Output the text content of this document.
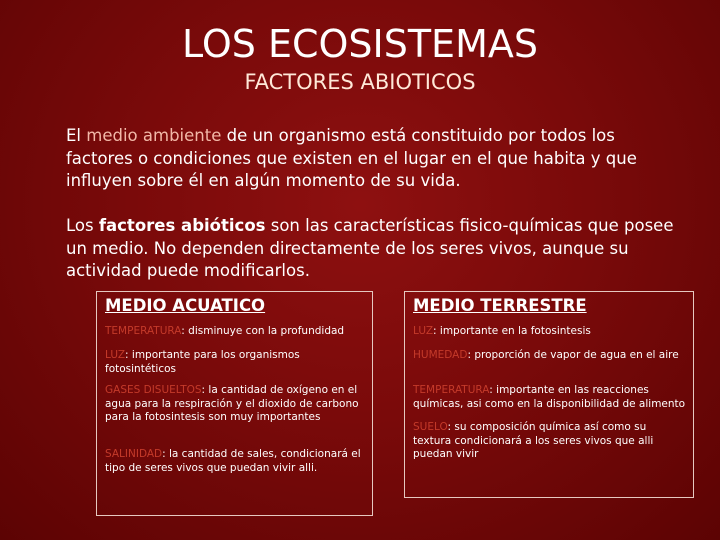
LOS ECOSISTEMAS
FACTORES ABIOTICOS
El medio ambiente de un organismo está constituido por todos los factores o condiciones que existen en el lugar en el que habita y que influyen sobre él en algún momento de su vida.
Los factores abióticos son las características fisico-químicas que posee un medio. No dependen directamente de los seres vivos, aunque su actividad puede modificarlos.
MEDIO ACUATICO
TEMPERATURA: disminuye con la profundidad
LUZ: importante para los organismos fotosintéticos
GASES DISUELTOS: la cantidad de oxígeno en el agua para la respiración y el dioxido de carbono para la fotosintesis son muy importantes
SALINIDAD: la cantidad de sales, condicionará el tipo de seres vivos que puedan vivir alli.
MEDIO TERRESTRE
LUZ: importante en la fotosintesis
HUMEDAD: proporción de vapor de agua en el aire
TEMPERATURA: importante en las reacciones químicas, asi como en la disponibilidad de alimento
SUELO: su composición química así como su textura condicionará a los seres vivos que alli puedan vivir
